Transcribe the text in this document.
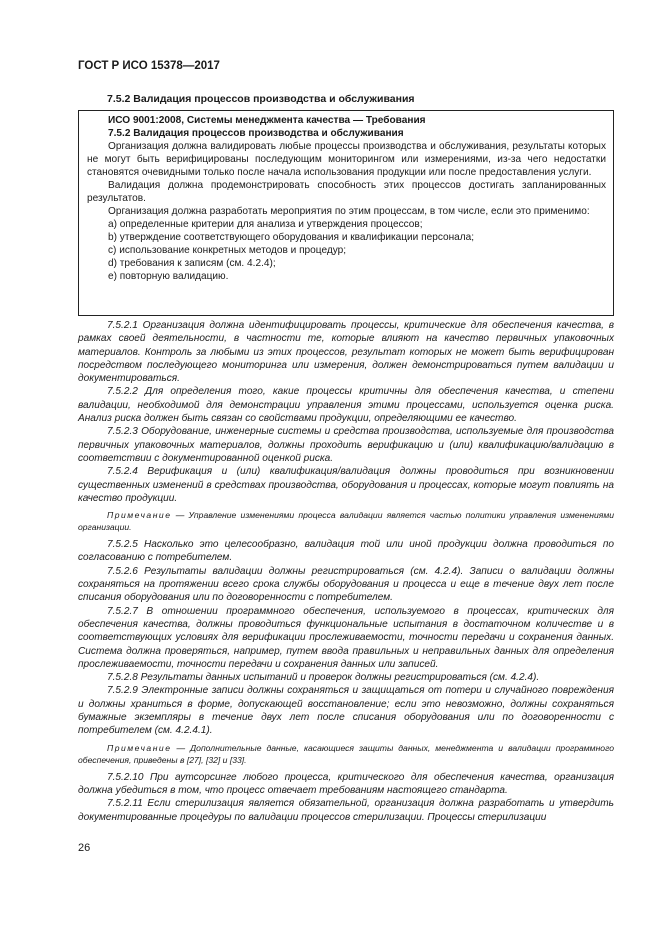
ГОСТ Р ИСО 15378—2017
7.5.2 Валидация процессов производства и обслуживания

ИСО 9001:2008, Системы менеджмента качества — Требования

7.5.2 Валидация процессов производства и обслуживания

Организация должна валидировать любые процессы производства и обслуживания, результаты которых не могут быть верифицированы последующим мониторингом или измерениями, из-за чего недостатки становятся очевидными только после начала использования продукции или после предоставления услуги.

Валидация должна продемонстрировать способность этих процессов достигать запланированных результатов.

Организация должна разработать мероприятия по этим процессам, в том числе, если это применимо:

a) определенные критерии для анализа и утверждения процессов;

b) утверждение соответствующего оборудования и квалификации персонала;

c) использование конкретных методов и процедур;

d) требования к записям (см. 4.2.4);

e) повторную валидацию.

7.5.2.1 Организация должна идентифицировать процессы, критические для обеспечения качества, в рамках своей деятельности, в частности те, которые влияют на качество первичных упаковочных материалов. Контроль за любыми из этих процессов, результат которых не может быть верифицирован посредством последующего мониторинга или измерения, должен демонстрироваться путем валидации и документироваться.

7.5.2.2 Для определения того, какие процессы критичны для обеспечения качества, и степени валидации, необходимой для демонстрации управления этими процессами, используется оценка риска. Анализ риска должен быть связан со свойствами продукции, определяющими ее качество.

7.5.2.3 Оборудование, инженерные системы и средства производства, используемые для производства первичных упаковочных материалов, должны проходить верификацию и (или) квалификацию/валидацию в соответствии с документированной оценкой риска.

7.5.2.4 Верификация и (или) квалификация/валидация должны проводиться при возникновении существенных изменений в средствах производства, оборудования и процессах, которые могут повлиять на качество продукции.

Примечание — Управление изменениями процесса валидации является частью политики управления изменениями организации.

7.5.2.5 Насколько это целесообразно, валидация той или иной продукции должна проводиться по согласованию с потребителем.

7.5.2.6 Результаты валидации должны регистрироваться (см. 4.2.4). Записи о валидации должны сохраняться на протяжении всего срока службы оборудования и процесса и еще в течение двух лет после списания оборудования или по договоренности с потребителем.

7.5.2.7 В отношении программного обеспечения, используемого в процессах, критических для обеспечения качества, должны проводиться функциональные испытания в достаточном количестве и в соответствующих условиях для верификации прослеживаемости, точности передачи и сохранения данных. Система должна проверяться, например, путем ввода правильных и неправильных данных для определения прослеживаемости, точности передачи и сохранения данных или записей.

7.5.2.8 Результаты данных испытаний и проверок должны регистрироваться (см. 4.2.4).

7.5.2.9 Электронные записи должны сохраняться и защищаться от потери и случайного повреждения и должны храниться в форме, допускающей восстановление; если это невозможно, должны сохраняться бумажные экземпляры в течение двух лет после списания оборудования или по договоренности с потребителем (см. 4.2.4.1).

Примечание — Дополнительные данные, касающиеся защиты данных, менеджмента и валидации программного обеспечения, приведены в [27], [32] и [33].

7.5.2.10 При аутсорсинге любого процесса, критического для обеспечения качества, организация должна убедиться в том, что процесс отвечает требованиям настоящего стандарта.

7.5.2.11 Если стерилизация является обязательной, организация должна разработать и утвердить документированные процедуры по валидации процессов стерилизации. Процессы стерилизации

26
